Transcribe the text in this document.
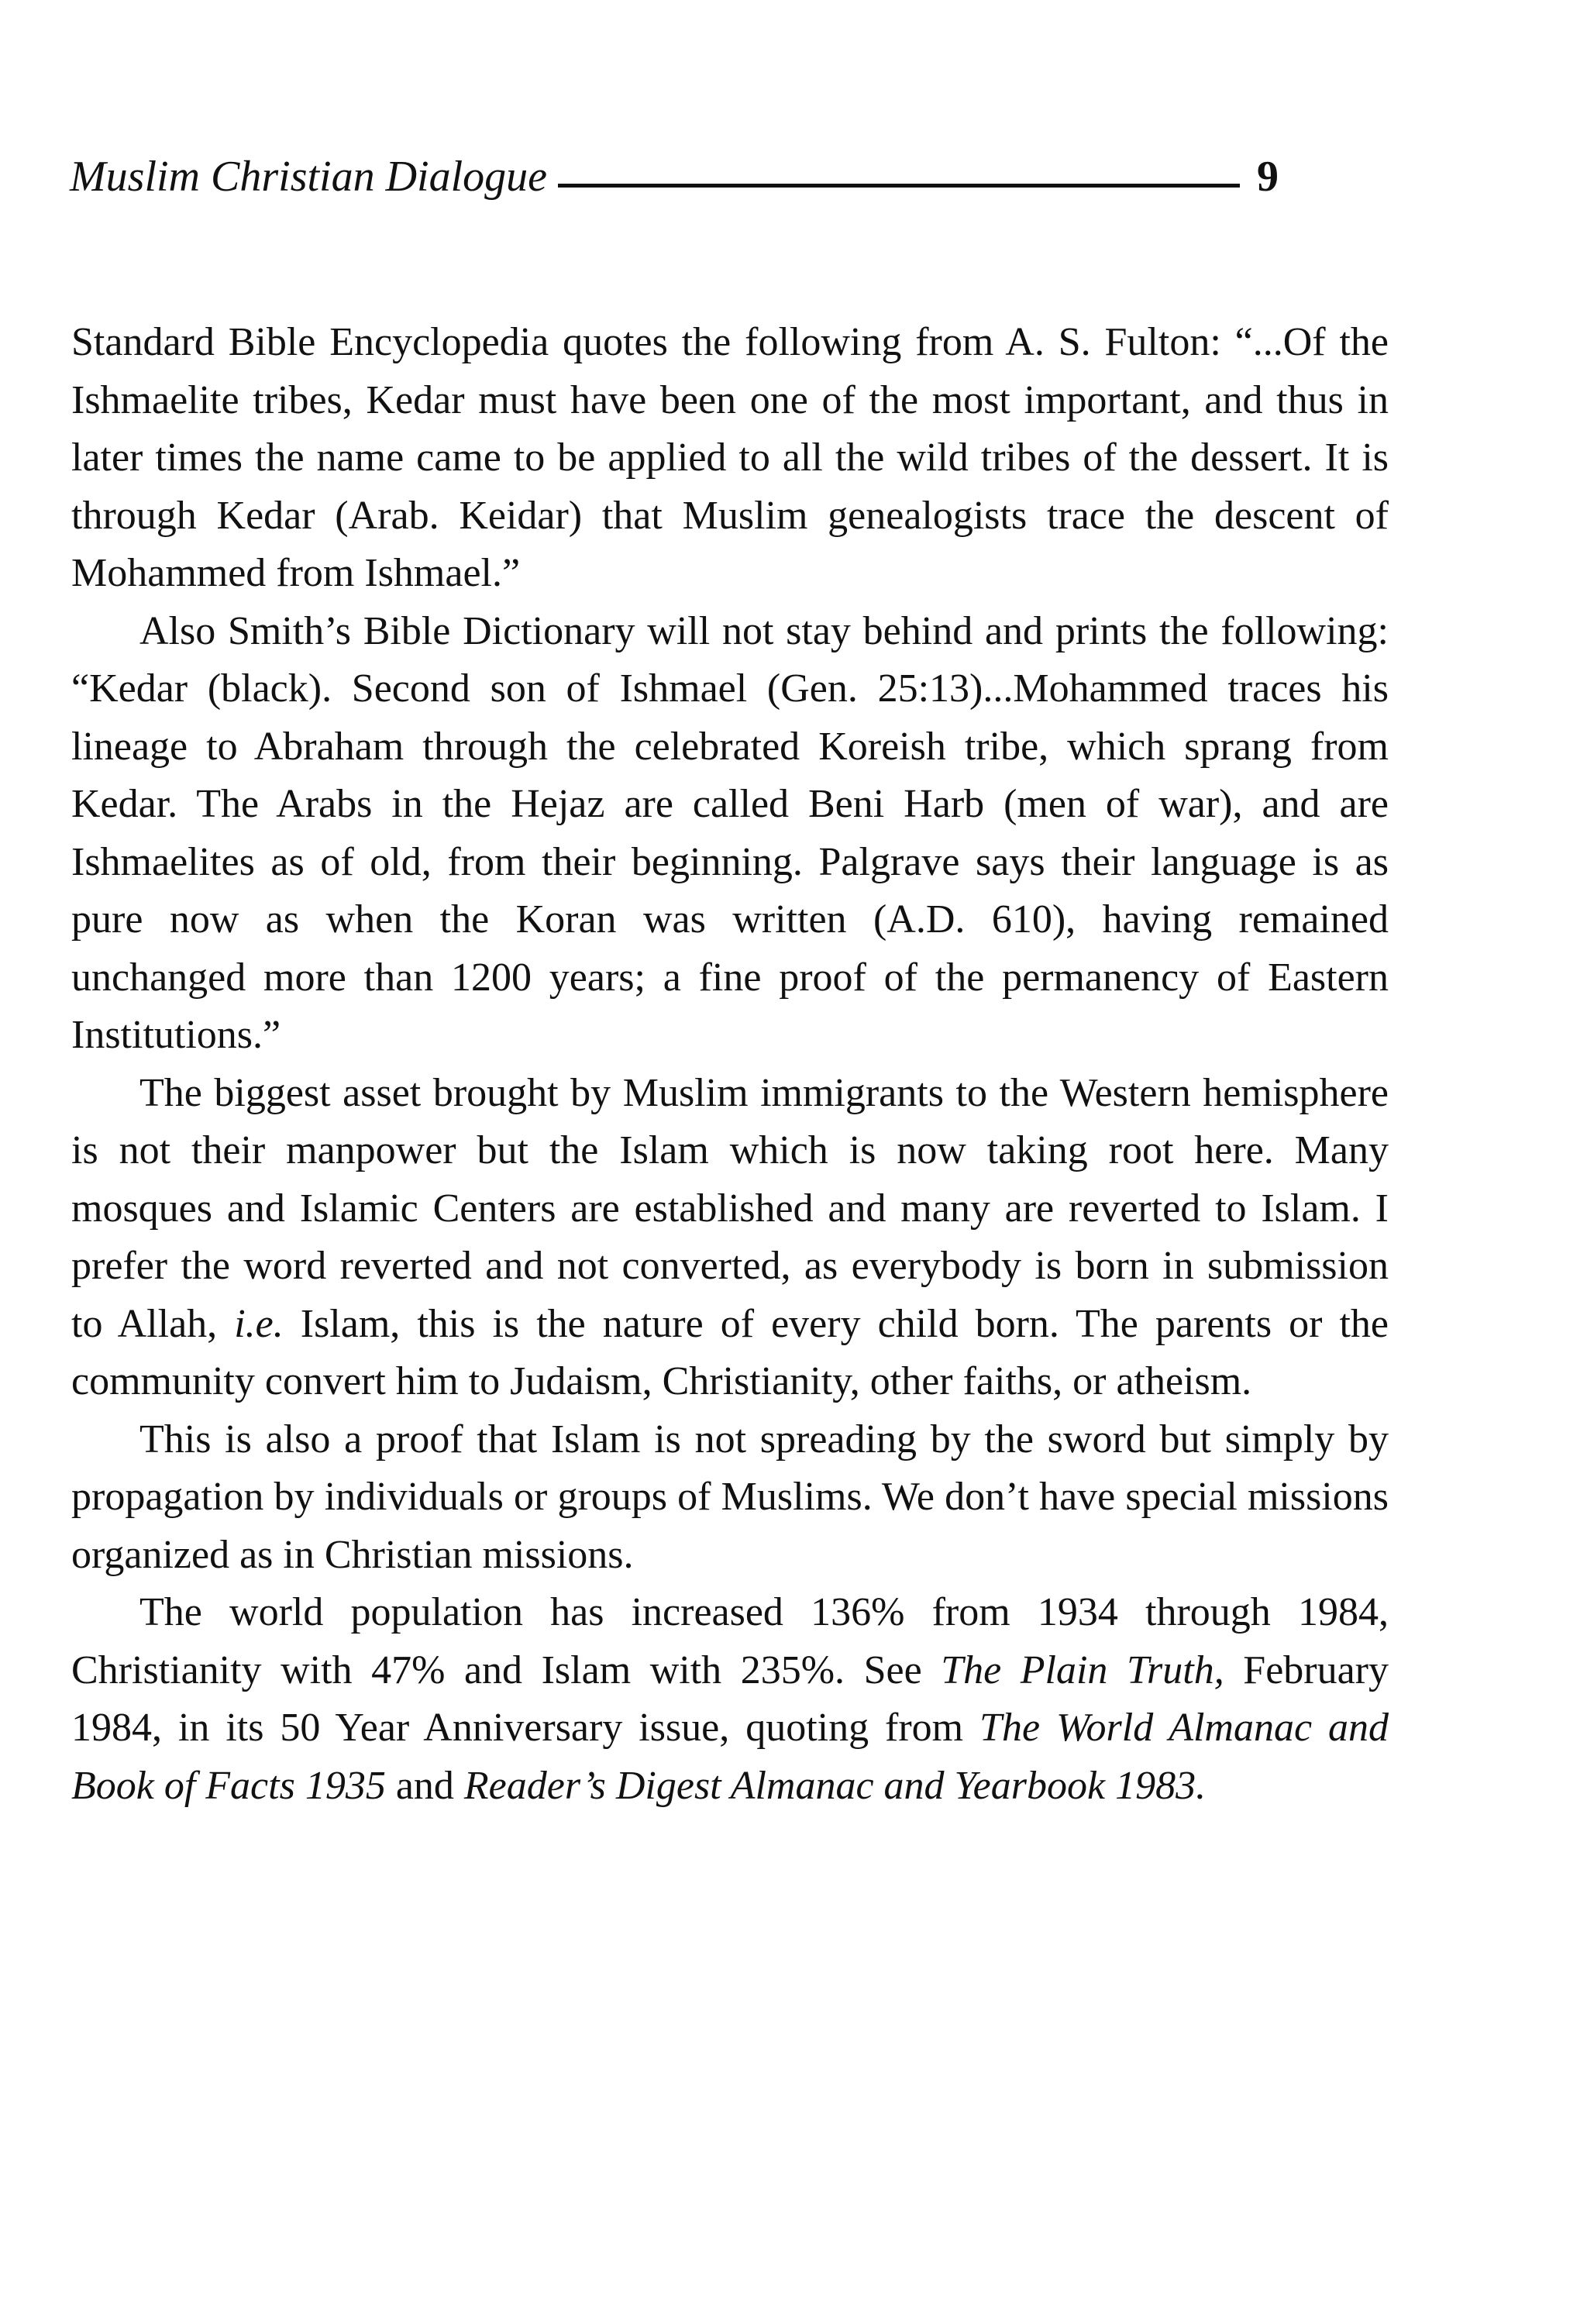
Muslim Christian Dialogue	9

Standard Bible Encyclopedia quotes the following from A. S. Fulton: “...Of the Ishmaelite tribes, Kedar must have been one of the most important, and thus in later times the name came to be applied to all the wild tribes of the dessert. It is through Kedar (Arab. Keidar) that Muslim genealogists trace the descent of Mohammed from Ishmael.”

Also Smith’s Bible Dictionary will not stay behind and prints the following: “Kedar (black). Second son of Ishmael (Gen. 25:13)...Mohammed traces his lineage to Abraham through the celebrated Koreish tribe, which sprang from Kedar. The Arabs in the Hejaz are called Beni Harb (men of war), and are Ishmaelites as of old, from their beginning. Palgrave says their language is as pure now as when the Koran was written (A.D. 610), having remained unchanged more than 1200 years; a fine proof of the permanency of Eastern Institutions.”

The biggest asset brought by Muslim immigrants to the Western hemisphere is not their manpower but the Islam which is now taking root here. Many mosques and Islamic Centers are established and many are reverted to Islam. I prefer the word reverted and not converted, as everybody is born in submission to Allah, i.e. Islam, this is the nature of every child born. The parents or the community convert him to Judaism, Christianity, other faiths, or atheism.

This is also a proof that Islam is not spreading by the sword but simply by propagation by individuals or groups of Muslims. We don’t have special missions organized as in Christian missions.

The world population has increased 136% from 1934 through 1984, Christianity with 47% and Islam with 235%. See The Plain Truth, February 1984, in its 50 Year Anniversary issue, quoting from The World Almanac and Book of Facts 1935 and Reader’s Digest Almanac and Yearbook 1983.
